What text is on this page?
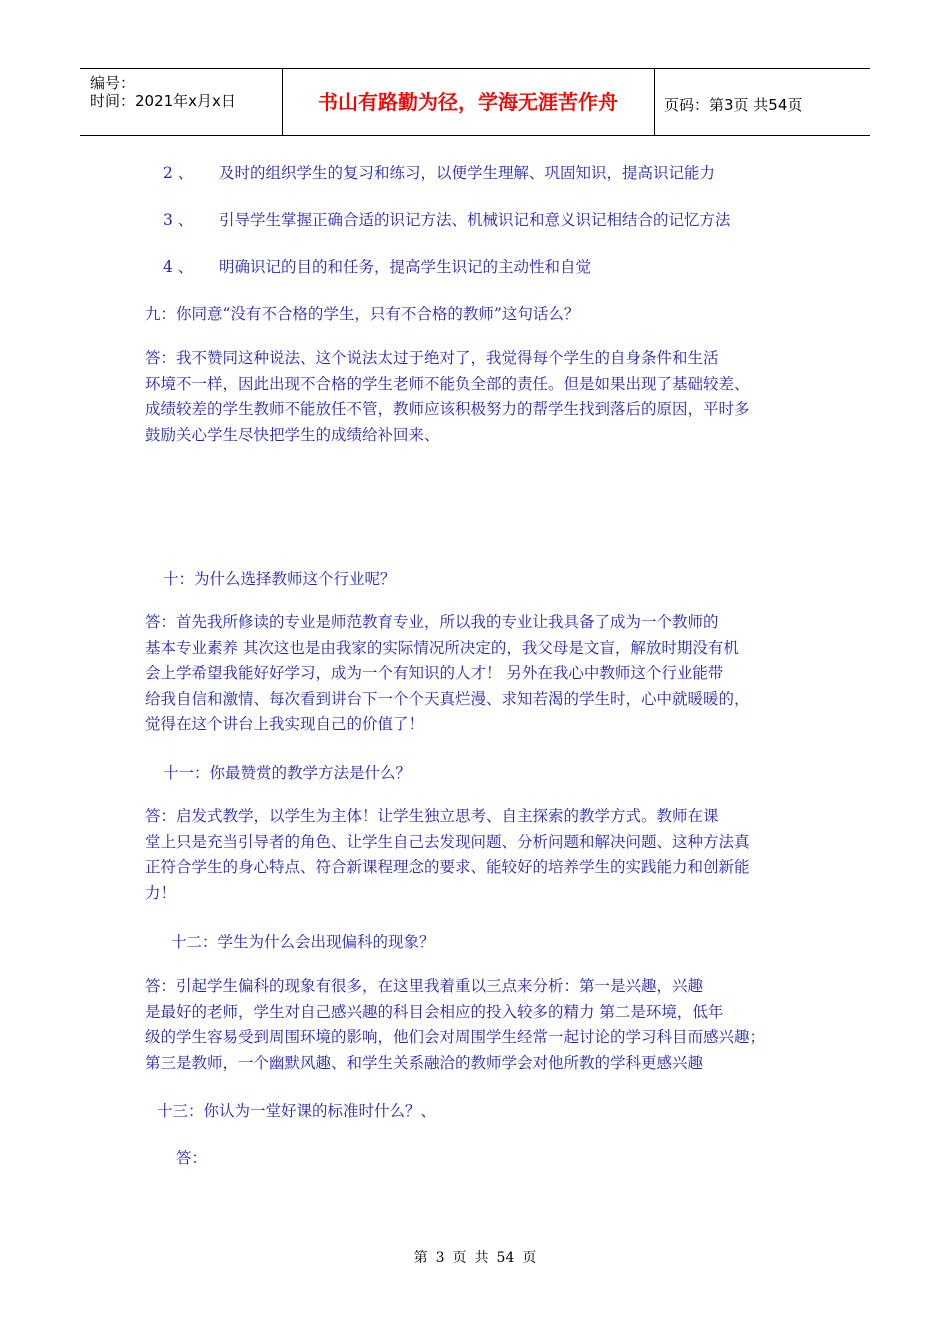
编号：
时间：2021年x月x日	书山有路勤为径，学海无涯苦作舟	页码：第3页 共54页
2 、 及时的组织学生的复习和练习，以便学生理解、巩固知识，提高识记能力
3 、 引导学生掌握正确合适的识记方法、机械识记和意义识记相结合的记忆方法
4 、 明确识记的目的和任务，提高学生识记的主动性和自觉
九：你同意“没有不合格的学生，只有不合格的教师”这句话么？
答：我不赞同这种说法、这个说法太过于绝对了，我觉得每个学生的自身条件和生活
环境不一样，因此出现不合格的学生老师不能负全部的责任。但是如果出现了基础较差、
成绩较差的学生教师不能放任不管，教师应该积极努力的帮学生找到落后的原因，平时多
鼓励关心学生尽快把学生的成绩给补回来、
十：为什么选择教师这个行业呢？
答：首先我所修读的专业是师范教育专业，所以我的专业让我具备了成为一个教师的
基本专业素养 其次这也是由我家的实际情况所决定的，我父母是文盲，解放时期没有机
会上学希望我能好好学习，成为一个有知识的人才！ 另外在我心中教师这个行业能带
给我自信和激情、每次看到讲台下一个个天真烂漫、求知若渴的学生时，心中就暖暖的，
觉得在这个讲台上我实现自己的价值了！
十一：你最赞赏的教学方法是什么？
答：启发式教学，以学生为主体！让学生独立思考、自主探索的教学方式。教师在课
堂上只是充当引导者的角色、让学生自己去发现问题、分析问题和解决问题、这种方法真
正符合学生的身心特点、符合新课程理念的要求、能较好的培养学生的实践能力和创新能
力！
十二：学生为什么会出现偏科的现象？
答：引起学生偏科的现象有很多，在这里我着重以三点来分析：第一是兴趣，兴趣
是最好的老师，学生对自己感兴趣的科目会相应的投入较多的精力 第二是环境，低年
级的学生容易受到周围环境的影响，他们会对周围学生经常一起讨论的学习科目而感兴趣；
第三是教师，一个幽默风趣、和学生关系融洽的教师学会对他所教的学科更感兴趣
十三：你认为一堂好课的标准时什么？、
答：
第 3 页 共 54 页
